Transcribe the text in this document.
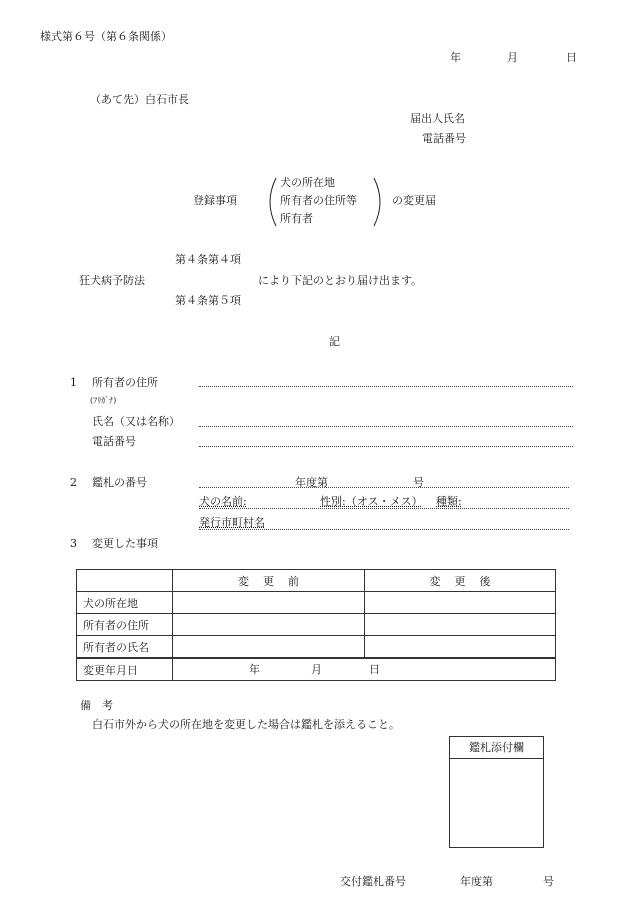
様式第６号（第６条関係）
年	月	日
（あて先）白石市長
届出人氏名
電話番号
登録事項
犬の所在地
所有者の住所等
所有者
の変更届
第４条第４項
狂犬病予防法	により下記のとおり届け出ます。
第４条第５項
記
1 所有者の住所
(ﾌﾘｶﾞﾅ)
氏名（又は名称）
電話番号
2 鑑札の番号	年度第	号
犬の名前:	性別:（オス・メス） 種類:
発行市町村名
3 変更した事項
	変更前	変更後
犬の所在地		
所有者の住所		
所有者の氏名		
変更年月日	年 月 日	
備　考
白石市外から犬の所在地を変更した場合は鑑札を添えること。
鑑札添付欄
交付鑑札番号	年度第	号
